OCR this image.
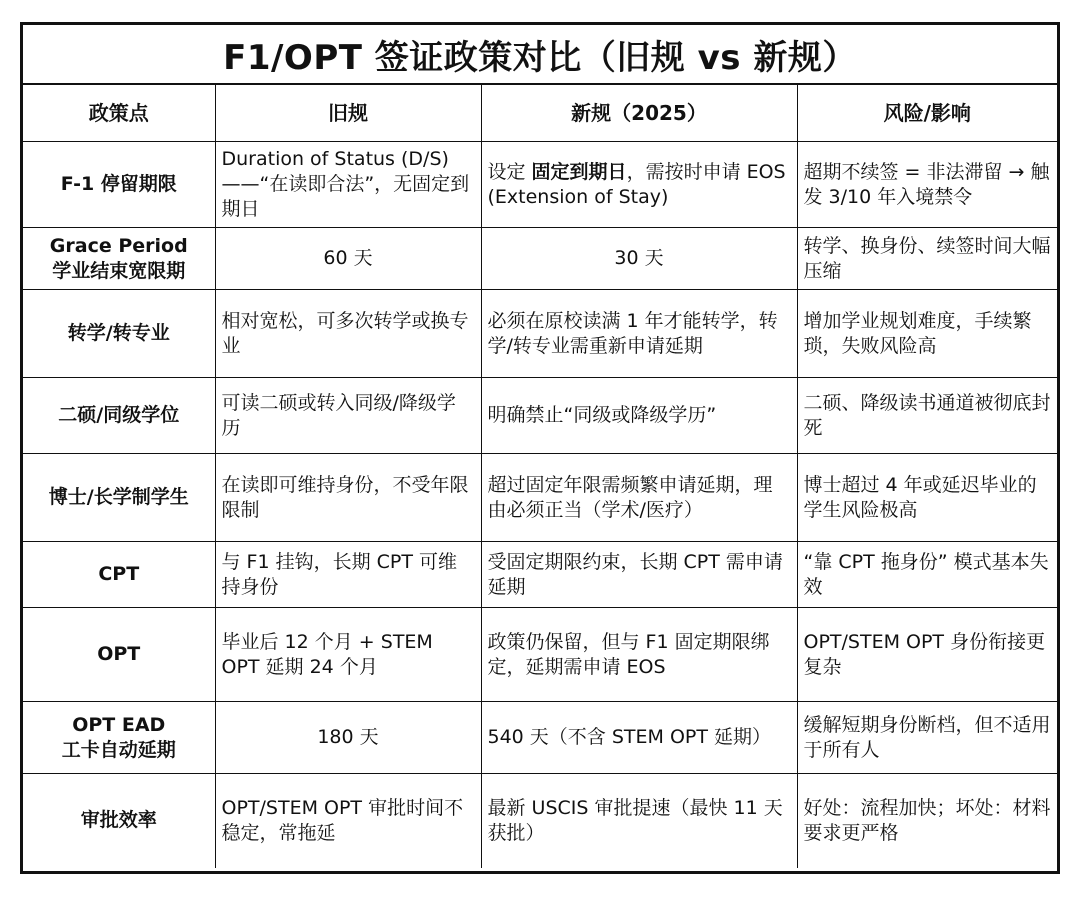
F1/OPT 签证政策对比（旧规 vs 新规）
政策点	旧规	新规（2025）	风险/影响

F-1 停留期限	Duration of Status (D/S) ——“在读即合法”，无固定到期日	设定 固定到期日，需按时申请 EOS (Extension of Stay)	超期不续签 = 非法滞留 → 触发 3/10 年入境禁令

Grace Period
学业结束宽限期	60 天	30 天	转学、换身份、续签时间大幅压缩

转学/转专业	相对宽松，可多次转学或换专业	必须在原校读满 1 年才能转学，转学/转专业需重新申请延期	增加学业规划难度，手续繁琐，失败风险高

二硕/同级学位	可读二硕或转入同级/降级学历	明确禁止“同级或降级学历”	二硕、降级读书通道被彻底封死

博士/长学制学生	在读即可维持身份，不受年限限制	超过固定年限需频繁申请延期，理由必须正当（学术/医疗）	博士超过 4 年或延迟毕业的学生风险极高

CPT	与 F1 挂钩，长期 CPT 可维持身份	受固定期限约束，长期 CPT 需申请延期	“靠 CPT 拖身份” 模式基本失效

OPT	毕业后 12 个月 + STEM OPT 延期 24 个月	政策仍保留，但与 F1 固定期限绑定，延期需申请 EOS	OPT/STEM OPT 身份衔接更复杂

OPT EAD
工卡自动延期	180 天	540 天（不含 STEM OPT 延期）	缓解短期身份断档，但不适用于所有人

审批效率	OPT/STEM OPT 审批时间不稳定，常拖延	最新 USCIS 审批提速（最快 11 天获批）	好处：流程加快；坏处：材料要求更严格
